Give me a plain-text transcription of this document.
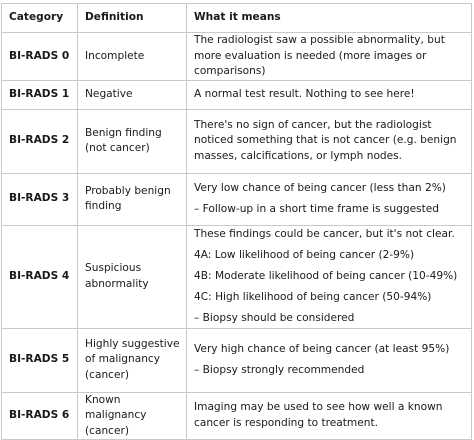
Category	Definition	What it means
BI-RADS 0	Incomplete	The radiologist saw a possible abnormality, but more evaluation is needed (more images or comparisons)

BI-RADS 1	Negative	A normal test result. Nothing to see here!

BI-RADS 2	Benign finding (not cancer)	There's no sign of cancer, but the radiologist noticed something that is not cancer (e.g. benign masses, calcifications, or lymph nodes.

BI-RADS 3	Probably benign finding	Very low chance of being cancer (less than 2%)

– Follow-up in a short time frame is suggested

BI-RADS 4	Suspicious abnormality	These findings could be cancer, but it's not clear.

4A: Low likelihood of being cancer (2-9%)

4B: Moderate likelihood of being cancer (10-49%)

4C: High likelihood of being cancer (50-94%)

– Biopsy should be considered

BI-RADS 5	Highly suggestive of malignancy (cancer)	Very high chance of being cancer (at least 95%)

– Biopsy strongly recommended

BI-RADS 6	Known malignancy (cancer)	Imaging may be used to see how well a known cancer is responding to treatment.
